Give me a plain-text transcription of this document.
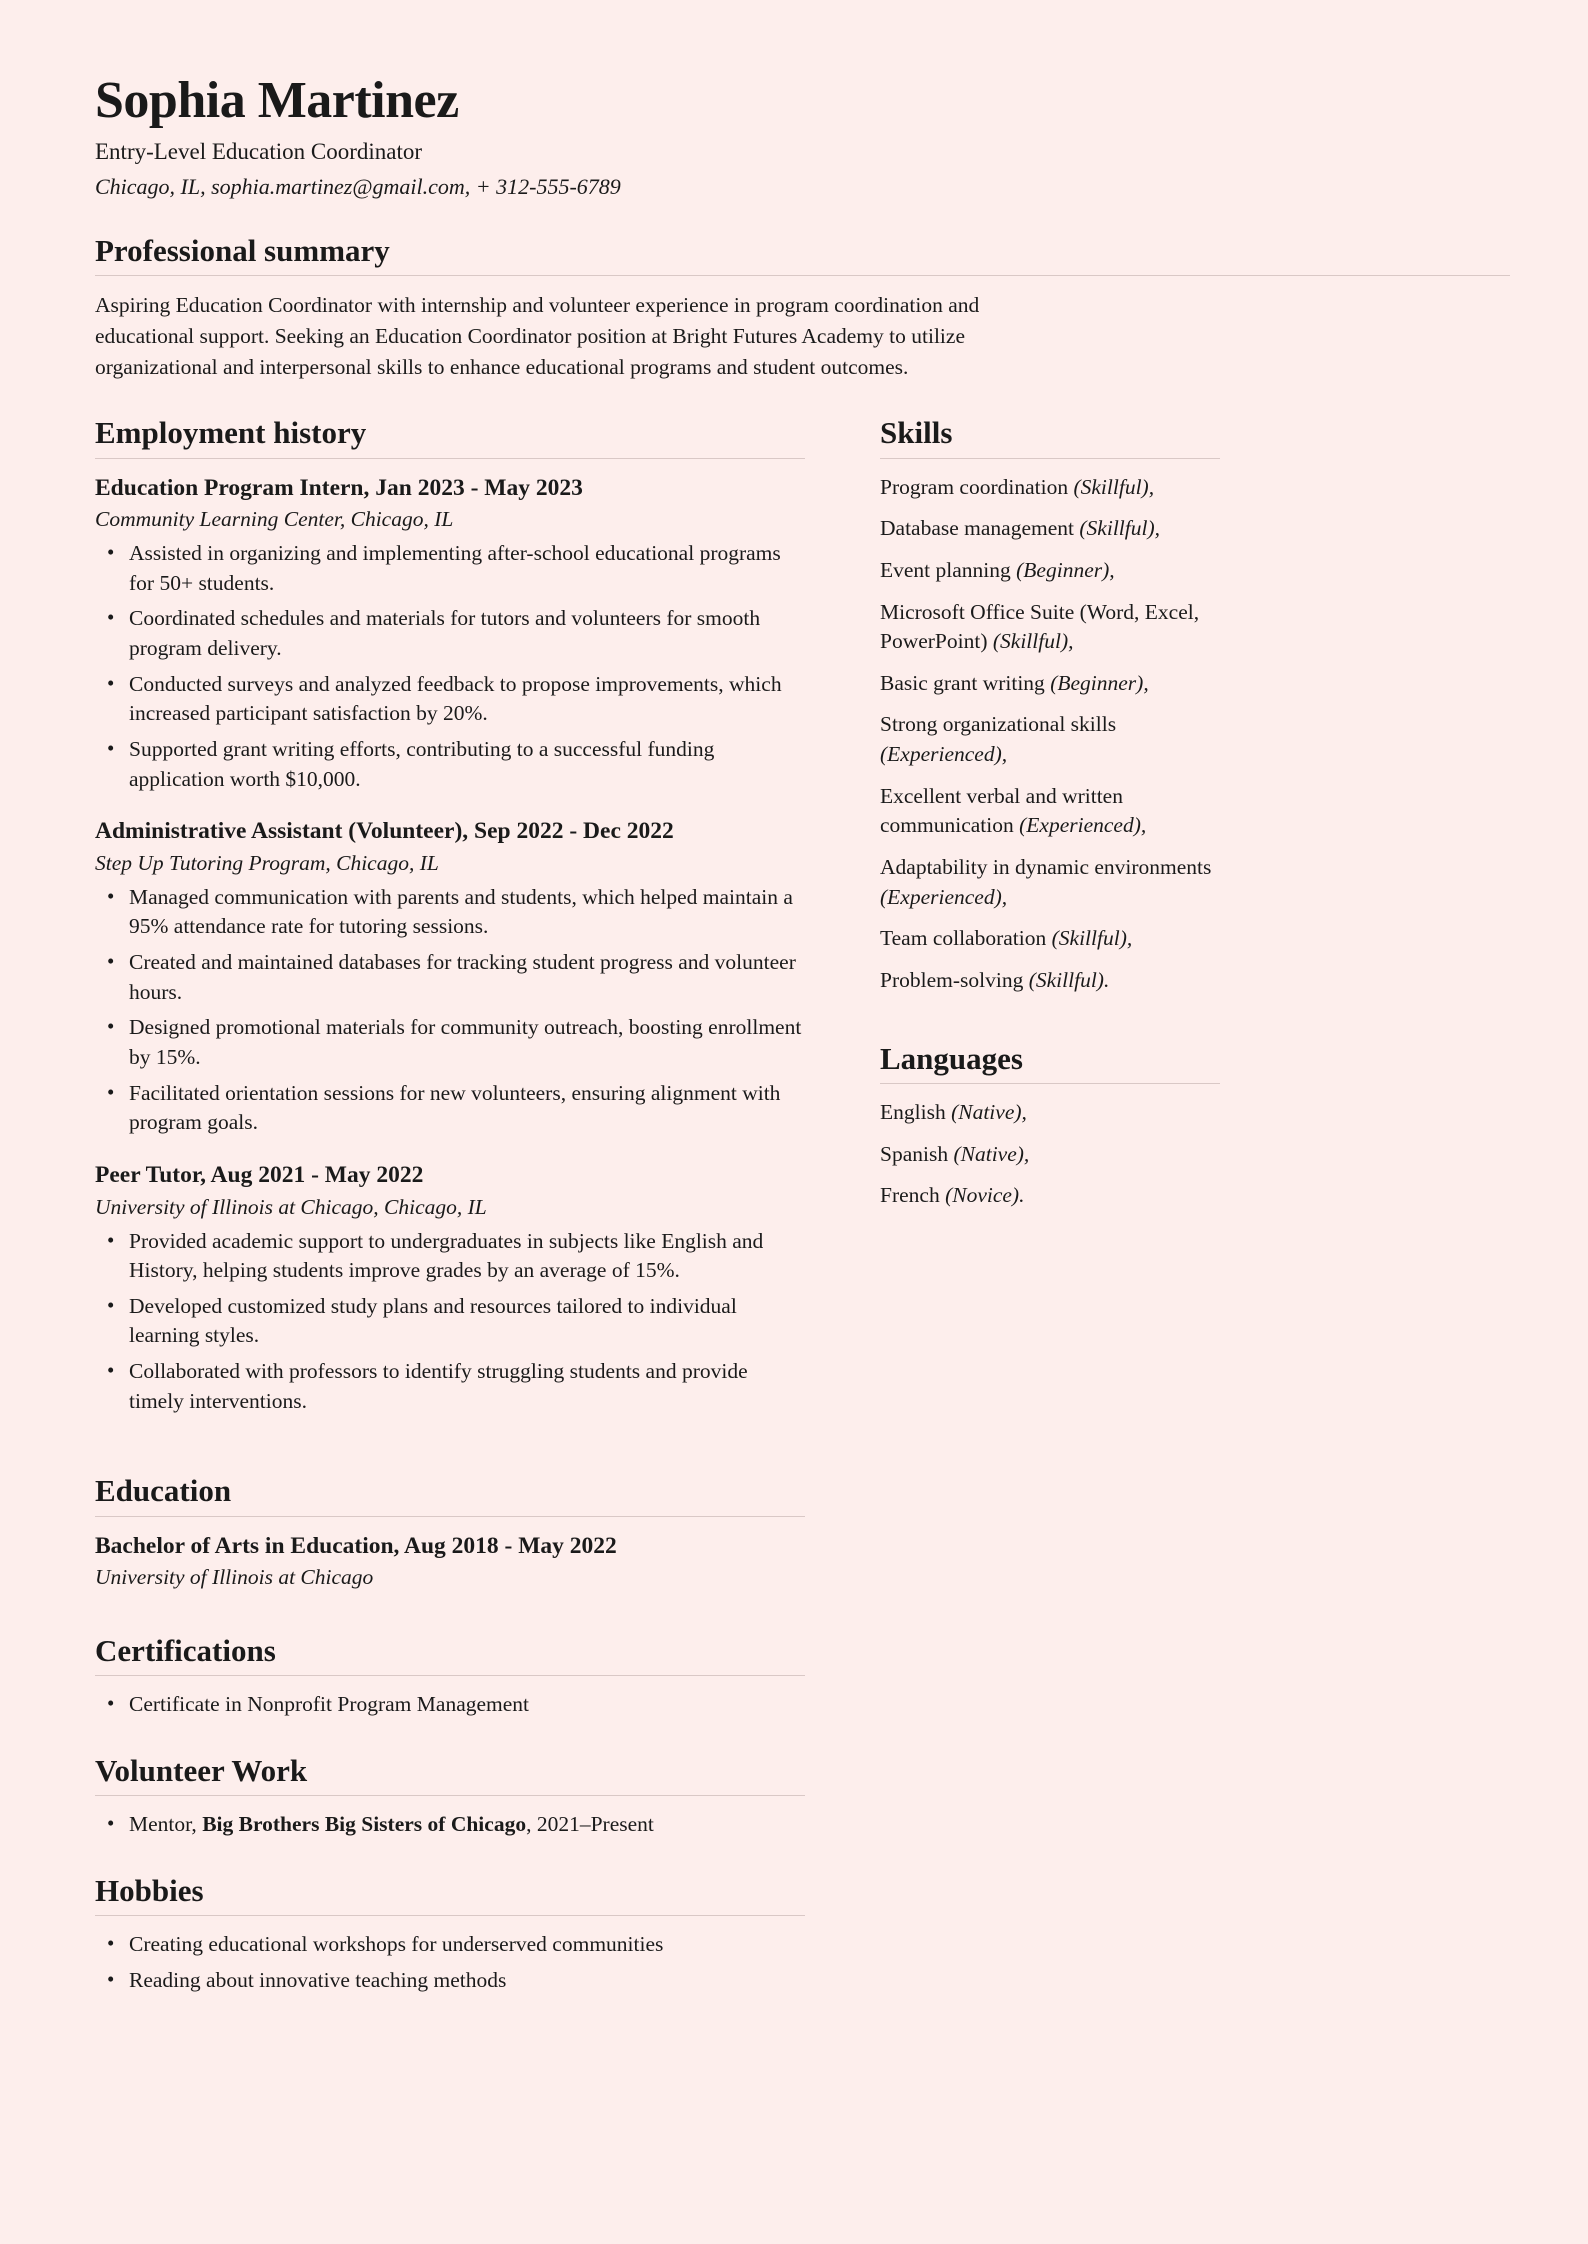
Sophia Martinez

Entry-Level Education Coordinator

Chicago, IL, sophia.martinez@gmail.com, + 312-555-6789

Professional summary

Aspiring Education Coordinator with internship and volunteer experience in program coordination and educational support. Seeking an Education Coordinator position at Bright Futures Academy to utilize organizational and interpersonal skills to enhance educational programs and student outcomes.

Employment history
Education Program Intern, Jan 2023 - May 2023

Community Learning Center, Chicago, IL

• Assisted in organizing and implementing after-school educational programs for 50+ students.
• Coordinated schedules and materials for tutors and volunteers for smooth program delivery.
• Conducted surveys and analyzed feedback to propose improvements, which increased participant satisfaction by 20%.
• Supported grant writing efforts, contributing to a successful funding application worth $10,000.
Administrative Assistant (Volunteer), Sep 2022 - Dec 2022

Step Up Tutoring Program, Chicago, IL

• Managed communication with parents and students, which helped maintain a 95% attendance rate for tutoring sessions.
• Created and maintained databases for tracking student progress and volunteer hours.
• Designed promotional materials for community outreach, boosting enrollment by 15%.
• Facilitated orientation sessions for new volunteers, ensuring alignment with program goals.
Peer Tutor, Aug 2021 - May 2022

University of Illinois at Chicago, Chicago, IL

• Provided academic support to undergraduates in subjects like English and History, helping students improve grades by an average of 15%.
• Developed customized study plans and resources tailored to individual learning styles.
• Collaborated with professors to identify struggling students and provide timely interventions.
Education
Bachelor of Arts in Education, Aug 2018 - May 2022

University of Illinois at Chicago

Certifications
• Certificate in Nonprofit Program Management
Volunteer Work
• Mentor, Big Brothers Big Sisters of Chicago, 2021–Present
Hobbies
• Creating educational workshops for underserved communities
• Reading about innovative teaching methods
Skills
Program coordination (Skillful),
Database management (Skillful),
Event planning (Beginner),
Microsoft Office Suite (Word, Excel, PowerPoint) (Skillful),
Basic grant writing (Beginner),
Strong organizational skills (Experienced),
Excellent verbal and written communication (Experienced),
Adaptability in dynamic environments (Experienced),
Team collaboration (Skillful),
Problem-solving (Skillful).
Languages
English (Native),
Spanish (Native),
French (Novice).
